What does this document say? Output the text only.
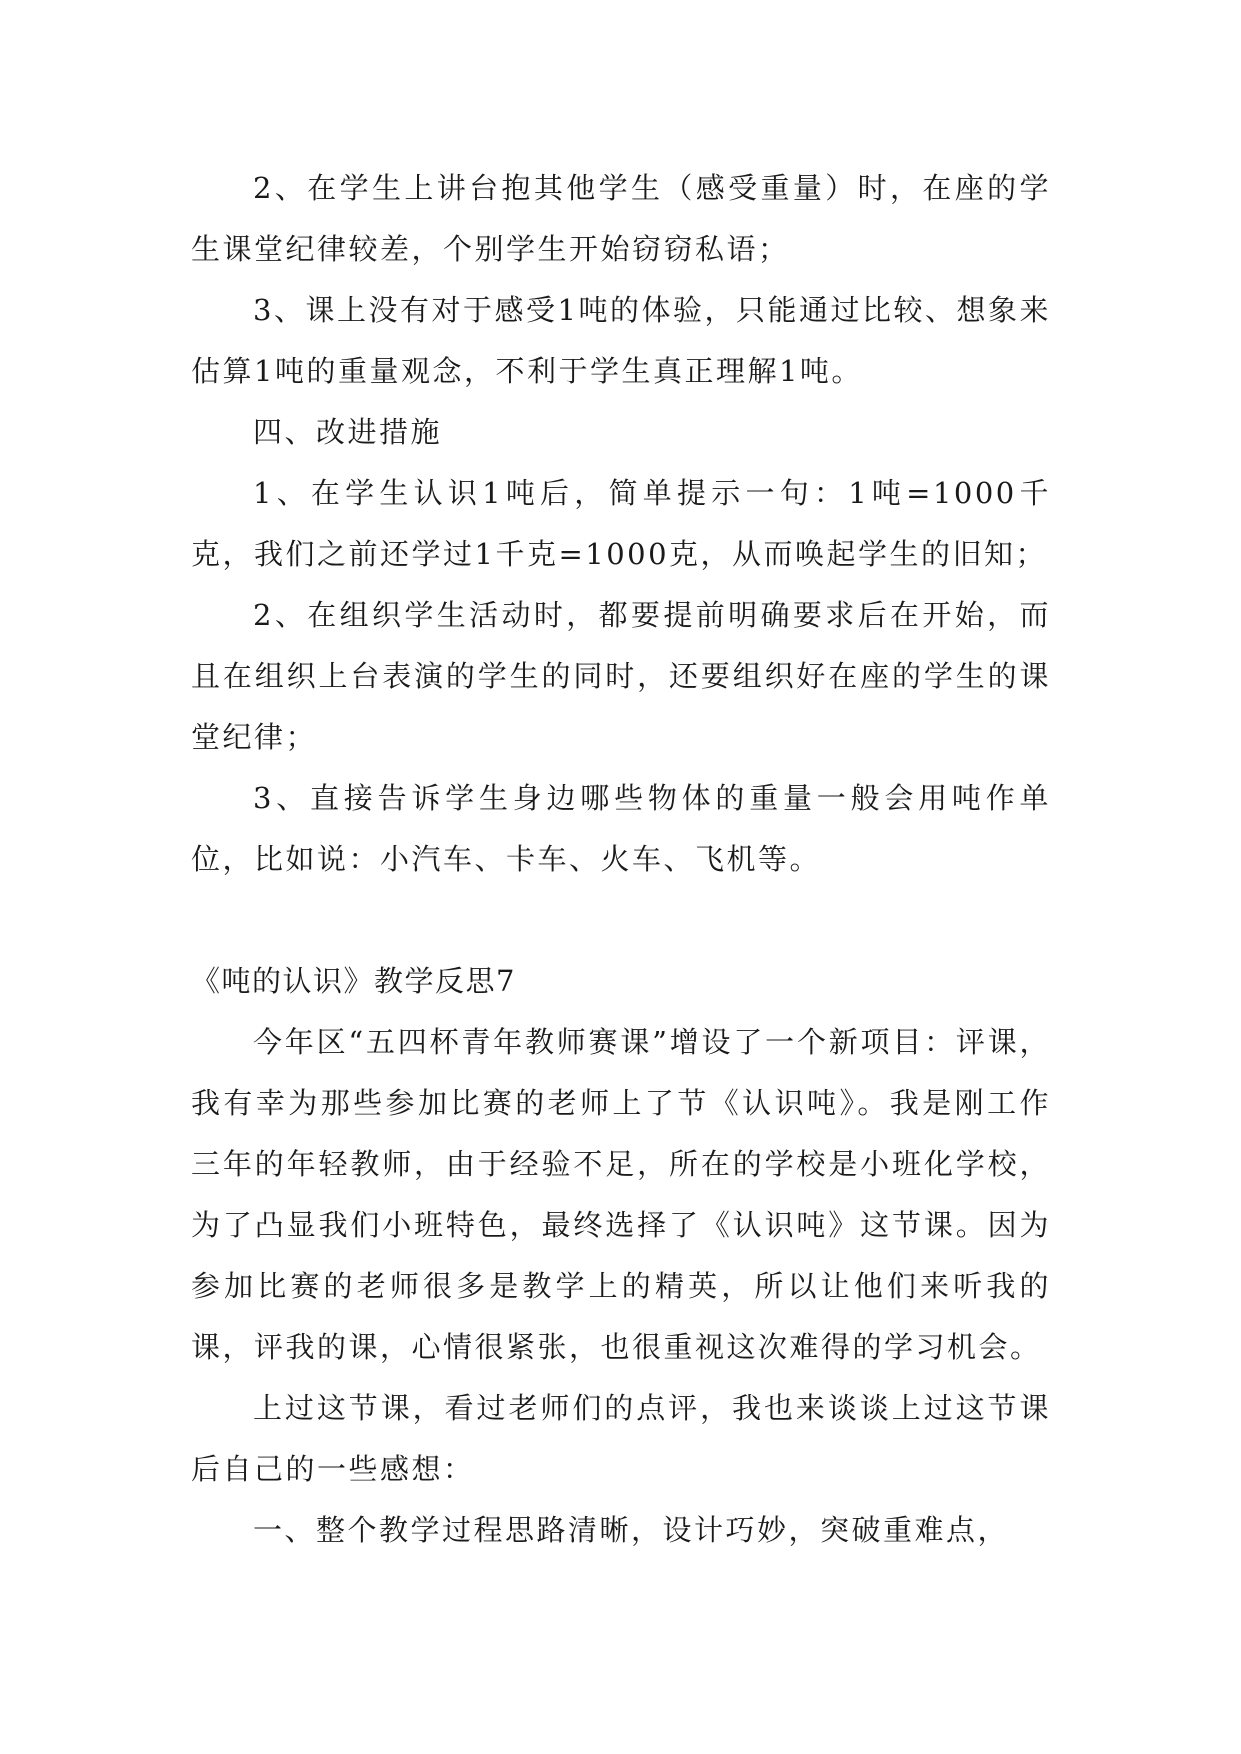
2、在学生上讲台抱其他学生（感受重量）时，在座的学生课堂纪律较差，个别学生开始窃窃私语；

3、课上没有对于感受1吨的体验，只能通过比较、想象来估算1吨的重量观念，不利于学生真正理解1吨。

四、改进措施

1、在学生认识1吨后，简单提示一句：1吨=1000千克，我们之前还学过1千克=1000克，从而唤起学生的旧知；

2、在组织学生活动时，都要提前明确要求后在开始，而且在组织上台表演的学生的同时，还要组织好在座的学生的课堂纪律；

3、直接告诉学生身边哪些物体的重量一般会用吨作单位，比如说：小汽车、卡车、火车、飞机等。

《吨的认识》教学反思7

今年区“五四杯青年教师赛课”增设了一个新项目：评课，我有幸为那些参加比赛的老师上了节《认识吨》。我是刚工作三年的年轻教师，由于经验不足，所在的学校是小班化学校，为了凸显我们小班特色，最终选择了《认识吨》这节课。因为参加比赛的老师很多是教学上的精英，所以让他们来听我的课，评我的课，心情很紧张，也很重视这次难得的学习机会。

上过这节课，看过老师们的点评，我也来谈谈上过这节课后自己的一些感想：

一、整个教学过程思路清晰，设计巧妙，突破重难点，
